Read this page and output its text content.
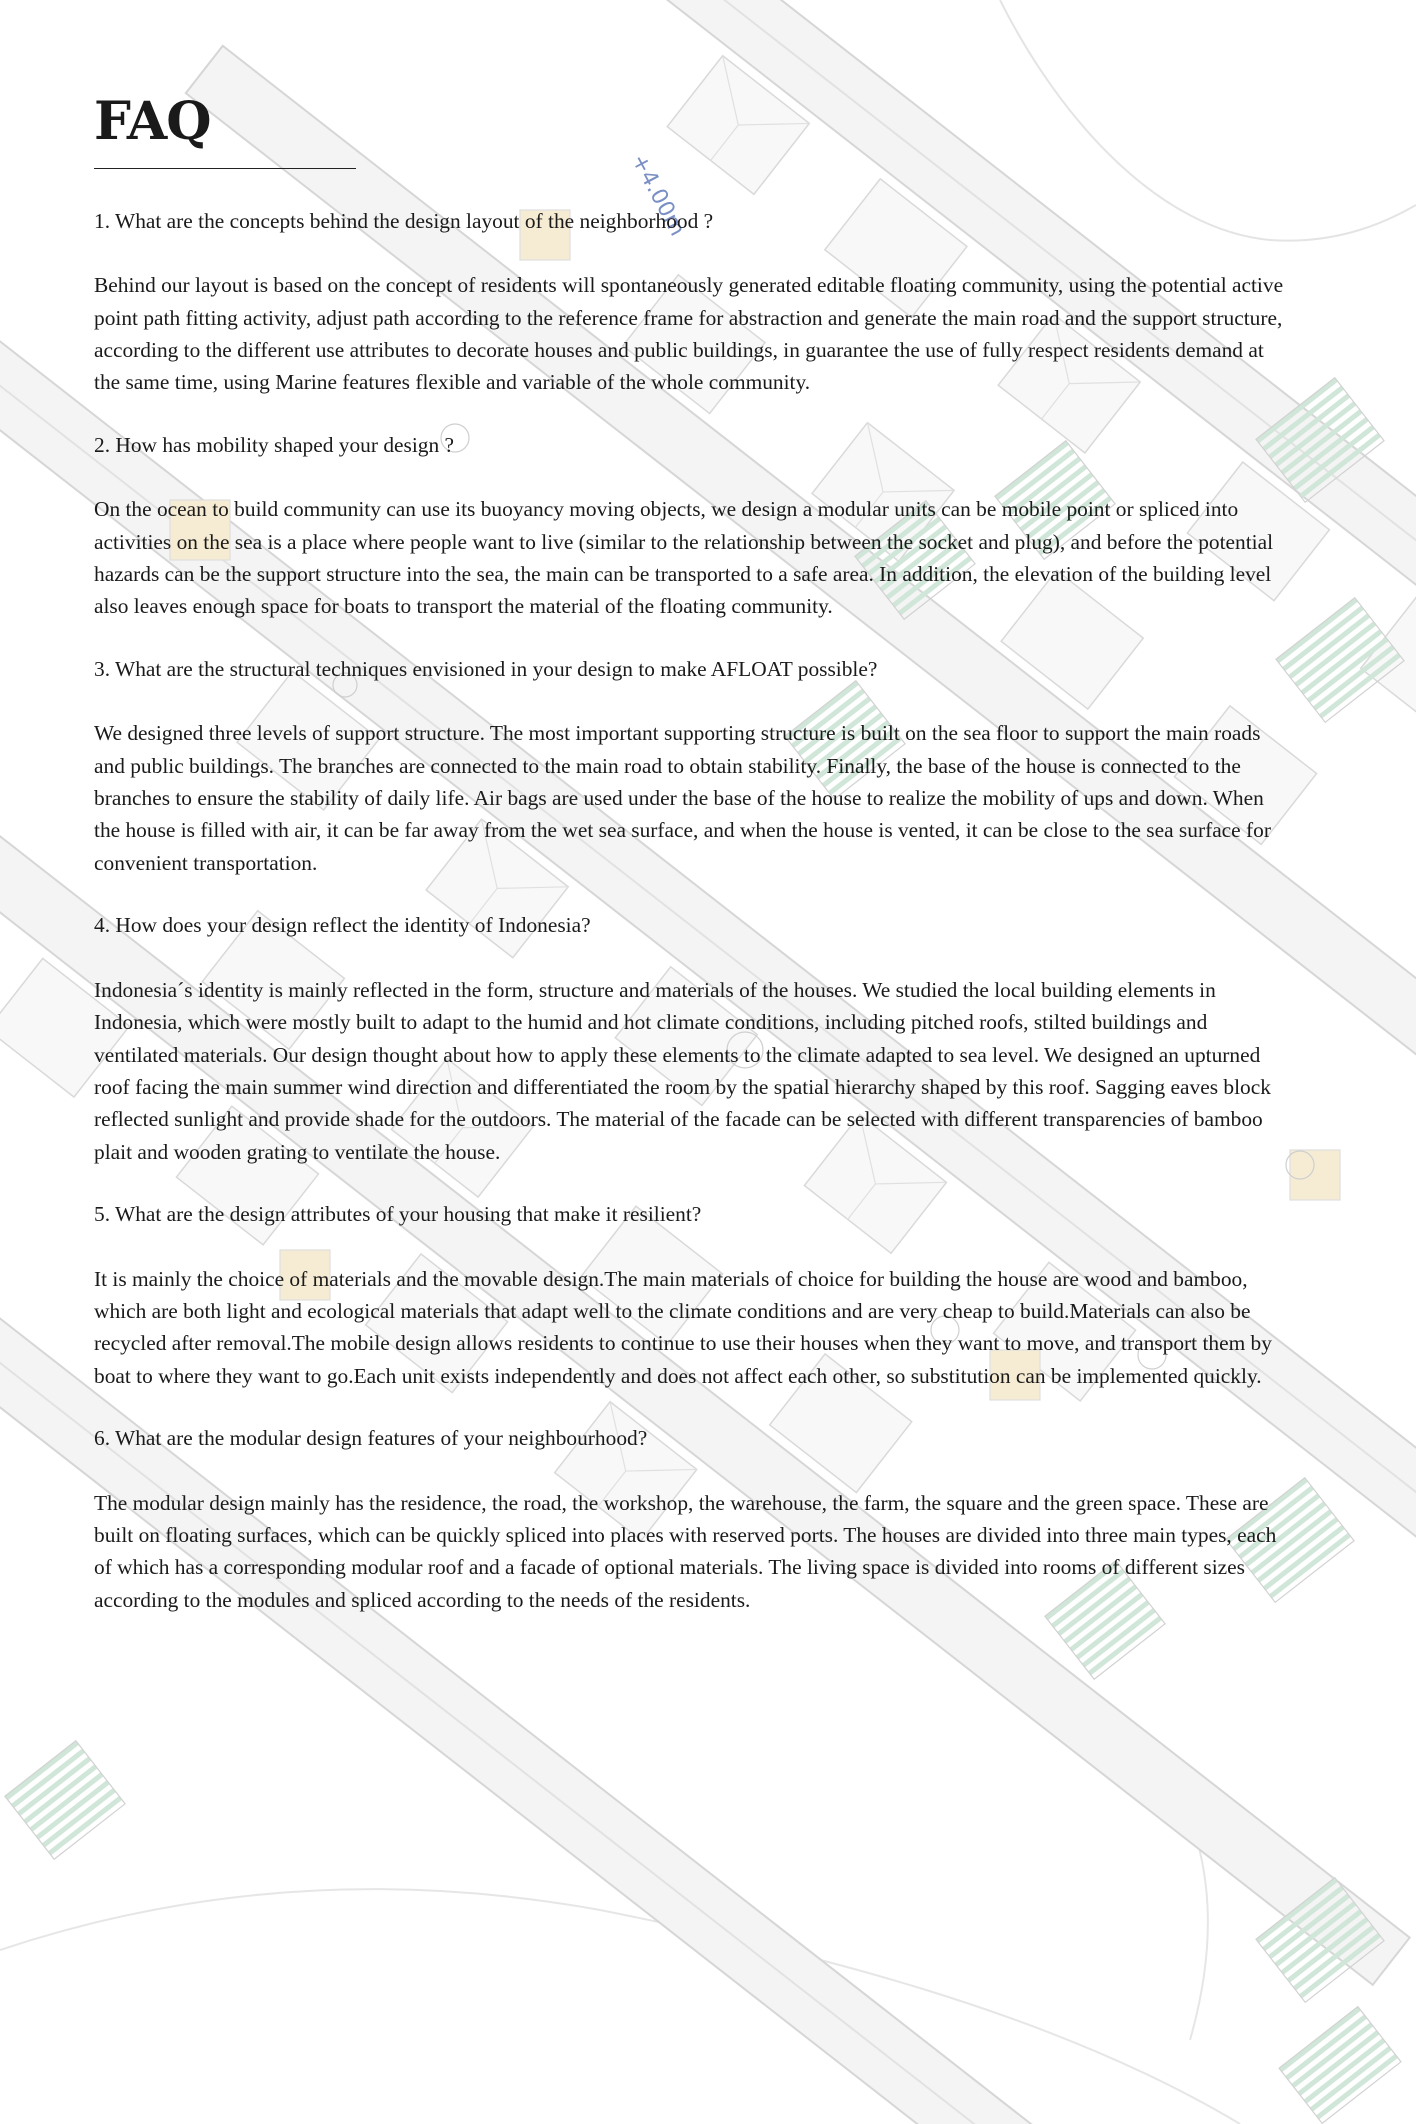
+4.00m
FAQ

1. What are the concepts behind the design layout of the neighborhood ?

Behind our layout is based on the concept of residents will spontaneously generated editable floating community, using the potential active point path fitting activity, adjust path according to the reference frame for abstraction and generate the main road and the support structure, according to the different use attributes to decorate houses and public buildings, in guarantee the use of fully respect residents demand at the same time, using Marine features flexible and variable of the whole community.

2. How has mobility shaped your design ?

On the ocean to build community can use its buoyancy moving objects, we design a modular units can be mobile point or spliced into activities on the sea is a place where people want to live (similar to the relationship between the socket and plug), and before the potential hazards can be the support structure into the sea, the main can be transported to a safe area. In addition, the elevation of the building level also leaves enough space for boats to transport the material of the floating community.

3. What are the structural techniques envisioned in your design to make AFLOAT possible?

We designed three levels of support structure. The most important supporting structure is built on the sea floor to support the main roads and public buildings. The branches are connected to the main road to obtain stability. Finally, the base of the house is connected to the branches to ensure the stability of daily life. Air bags are used under the base of the house to realize the mobility of ups and down. When the house is filled with air, it can be far away from the wet sea surface, and when the house is vented, it can be close to the sea surface for convenient transportation.

4. How does your design reflect the identity of Indonesia?

Indonesia´s identity is mainly reflected in the form, structure and materials of the houses. We studied the local building elements in Indonesia, which were mostly built to adapt to the humid and hot climate conditions, including pitched roofs, stilted buildings and ventilated materials. Our design thought about how to apply these elements to the climate adapted to sea level. We designed an upturned roof facing the main summer wind direction and differentiated the room by the spatial hierarchy shaped by this roof. Sagging eaves block reflected sunlight and provide shade for the outdoors. The material of the facade can be selected with different transparencies of bamboo plait and wooden grating to ventilate the house.

5. What are the design attributes of your housing that make it resilient?

It is mainly the choice of materials and the movable design.The main materials of choice for building the house are wood and bamboo, which are both light and ecological materials that adapt well to the climate conditions and are very cheap to build.Materials can also be recycled after removal.The mobile design allows residents to continue to use their houses when they want to move, and transport them by boat to where they want to go.Each unit exists independently and does not affect each other, so substitution can be implemented quickly.

6. What are the modular design features of your neighbourhood?

The modular design mainly has the residence, the road, the workshop, the warehouse, the farm, the square and the green space. These are built on floating surfaces, which can be quickly spliced into places with reserved ports. The houses are divided into three main types, each of which has a corresponding modular roof and a facade of optional materials. The living space is divided into rooms of different sizes according to the modules and spliced according to the needs of the residents.
